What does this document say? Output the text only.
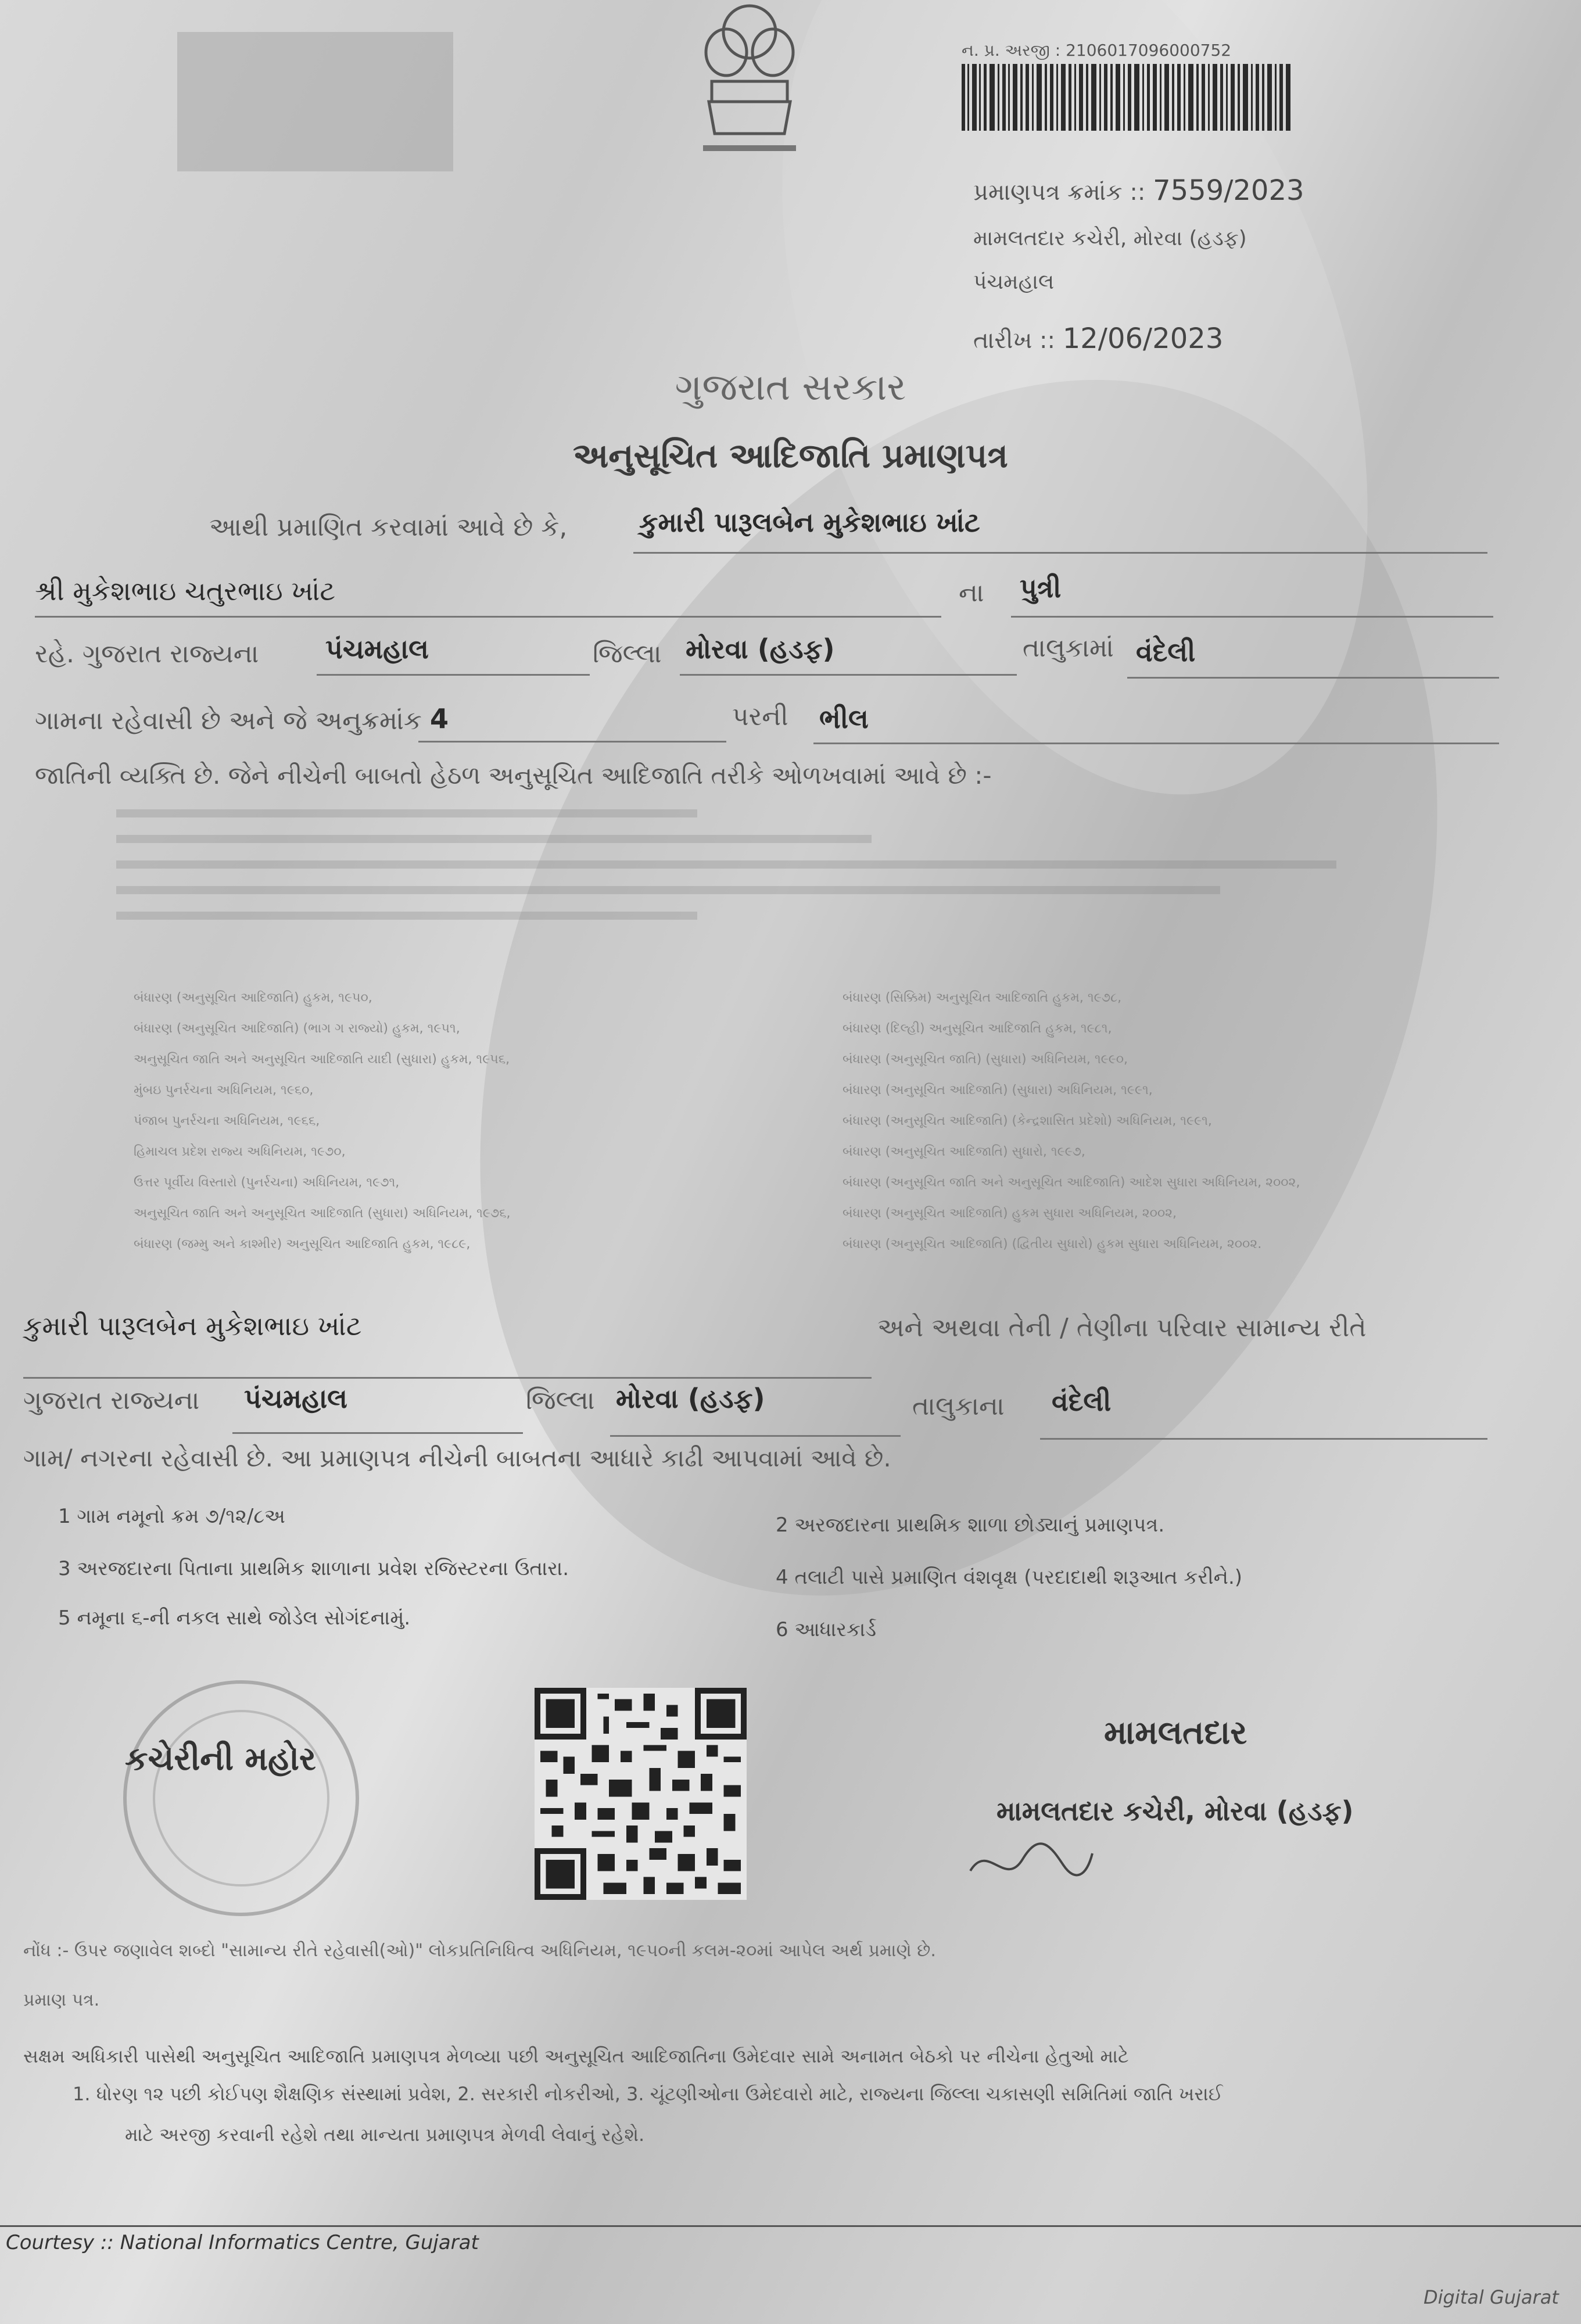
ન. પ્ર. અરજી : 2106017096000752
પ્રમાણપત્ર ક્રમાંક :: 7559/2023
મામલતદાર કચેરી, મોરવા (હડફ)
પંચમહાલ
તારીખ :: 12/06/2023
ગુજરાત સરકાર
અનુસૂચિત આદિજાતિ પ્રમાણપત્ર
આથી પ્રમાણિત કરવામાં આવે છે કે,	કુમારી પારૂલબેન મુકેશભાઇ ખાંટ
શ્રી મુકેશભાઇ ચતુરભાઇ ખાંટ	ના પુત્રી
રહે. ગુજરાત રાજ્યના પંચમહાલ	જિલ્લા મોરવા (હડફ)	તાલુકામાં વંદેલી
ગામના રહેવાસી છે અને જે અનુક્રમાંક 4	પરની ભીલ
જાતિની વ્યક્તિ છે. જેને નીચેની બાબતો હેઠળ અનુસૂચિત આદિજાતિ તરીકે ઓળખવામાં આવે છે :-
બંધારણ (અનુસૂચિત આદિજાતિ) હુકમ, ૧૯૫૦,
બંધારણ (અનુસૂચિત આદિજાતિ) (ભાગ ગ રાજ્યો) હુકમ, ૧૯૫૧,
અનુસૂચિત જાતિ અને અનુસૂચિત આદિજાતિ યાદી (સુધારા) હુકમ, ૧૯૫૬,
મુંબઇ પુનર્રચના અધિનિયમ, ૧૯૬૦,
પંજાબ પુનર્રચના અધિનિયમ, ૧૯૬૬,
હિમાચલ પ્રદેશ રાજ્ય અધિનિયમ, ૧૯૭૦,
ઉત્તર પૂર્વીય વિસ્તારો (પુનર્રચના) અધિનિયમ, ૧૯૭૧,
અનુસૂચિત જાતિ અને અનુસૂચિત આદિજાતિ (સુધારા) અધિનિયમ, ૧૯૭૬,
બંધારણ (જમ્મુ અને કાશ્મીર) અનુસૂચિત આદિજાતિ હુકમ, ૧૯૮૯,
બંધારણ (સિક્કિમ) અનુસૂચિત આદિજાતિ હુકમ, ૧૯૭૮,
બંધારણ (દિલ્હી) અનુસૂચિત આદિજાતિ હુકમ, ૧૯૮૧,
બંધારણ (અનુસૂચિત જાતિ) (સુધારા) અધિનિયમ, ૧૯૯૦,
બંધારણ (અનુસૂચિત આદિજાતિ) (સુધારા) અધિનિયમ, ૧૯૯૧,
બંધારણ (અનુસૂચિત આદિજાતિ) (કેન્દ્રશાસિત પ્રદેશો) અધિનિયમ, ૧૯૯૧,
બંધારણ (અનુસૂચિત આદિજાતિ) સુધારો, ૧૯૯૭,
બંધારણ (અનુસૂચિત જાતિ અને અનુસૂચિત આદિજાતિ) આદેશ સુધારા અધિનિયમ, ૨૦૦૨,
બંધારણ (અનુસૂચિત આદિજાતિ) હુકમ સુધારા અધિનિયમ, ૨૦૦૨,
બંધારણ (અનુસૂચિત આદિજાતિ) (દ્વિતીય સુધારો) હુકમ સુધારા અધિનિયમ, ૨૦૦૨.
કુમારી પારૂલબેન મુકેશભાઇ ખાંટ	અને અથવા તેની / તેણીના પરિવાર સામાન્ય રીતે
ગુજરાત રાજ્યના પંચમહાલ	જિલ્લા મોરવા (હડફ)	તાલુકાના વંદેલી
ગામ/ નગરના રહેવાસી છે. આ પ્રમાણપત્ર નીચેની બાબતના આધારે કાઢી આપવામાં આવે છે.
1 ગામ નમૂનો ક્રમ ૭/૧૨/૮અ	2 અરજદારના પ્રાથમિક શાળા છોડ્યાનું પ્રમાણપત્ર.
3 અરજદારના પિતાના પ્રાથમિક શાળાના પ્રવેશ રજિસ્ટરના ઉતારા.	4 તલાટી પાસે પ્રમાણિત વંશવૃક્ષ (પરદાદાથી શરૂઆત કરીને.)
5 નમૂના ૬-ની નકલ સાથે જોડેલ સોગંદનામું.	6 આધારકાર્ડ
કચેરીની મહોર
મામલતદાર
મામલતદાર કચેરી, મોરવા (હડફ)
નોંધ :- ઉપર જણાવેલ શબ્દો "સામાન્ય રીતે રહેવાસી(ઓ)" લોકપ્રતિનિધિત્વ અધિનિયમ, ૧૯૫૦ની કલમ-૨૦માં આપેલ અર્થ પ્રમાણે છે.
પ્રમાણ પત્ર.
સક્ષમ અધિકારી પાસેથી અનુસૂચિત આદિજાતિ પ્રમાણપત્ર મેળવ્યા પછી અનુસૂચિત આદિજાતિના ઉમેદવાર સામે અનામત બેઠકો પર નીચેના હેતુઓ માટે
1. ધોરણ ૧૨ પછી કોઈપણ શૈક્ષણિક સંસ્થામાં પ્રવેશ, 2. સરકારી નોકરીઓ, 3. ચૂંટણીઓના ઉમેદવારો માટે, રાજ્યના જિલ્લા ચકાસણી સમિતિમાં જાતિ ખરાઈ
માટે અરજી કરવાની રહેશે તથા માન્યતા પ્રમાણપત્ર મેળવી લેવાનું રહેશે.
Courtesy :: National Informatics Centre, Gujarat
Digital Gujarat
